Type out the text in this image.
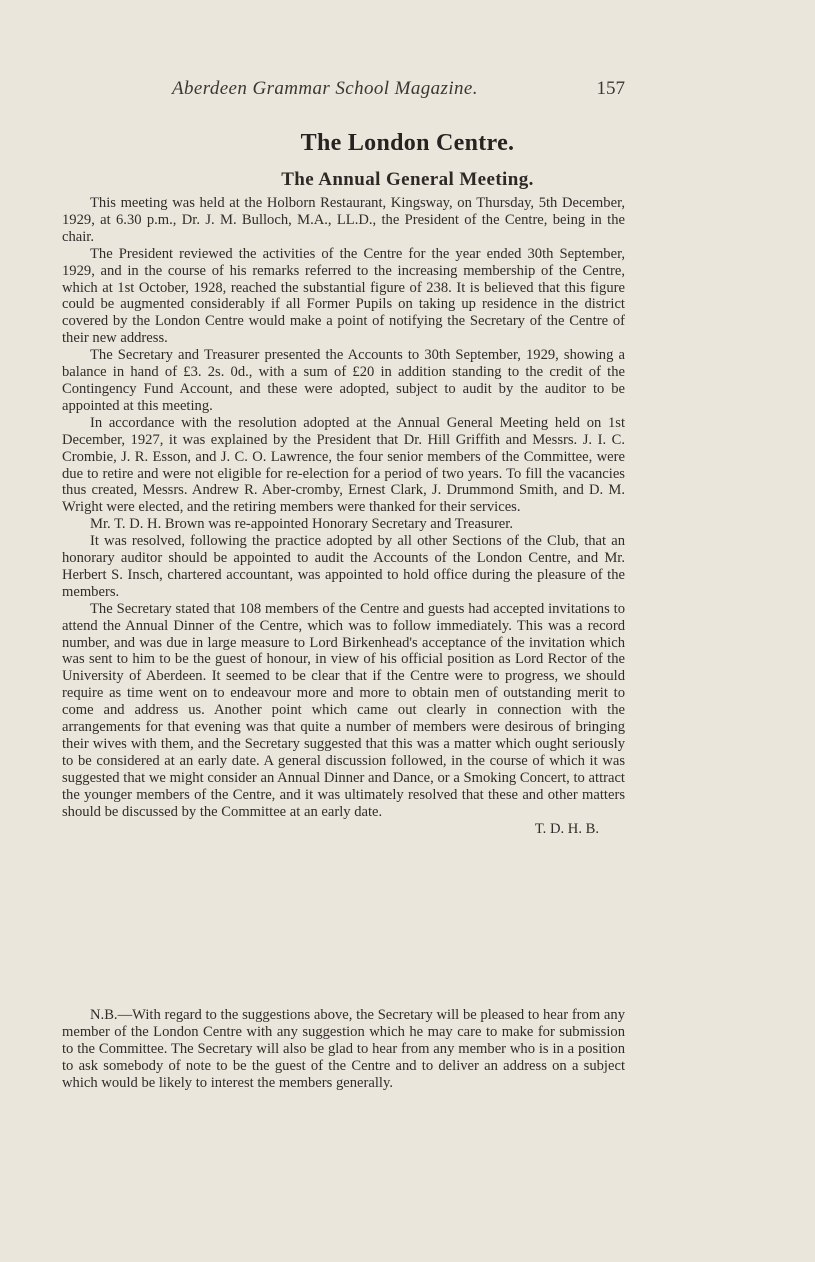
Aberdeen Grammar School Magazine.	157
The London Centre.
The Annual General Meeting.

This meeting was held at the Holborn Restaurant, Kingsway, on Thursday, 5th December, 1929, at 6.30 p.m., Dr. J. M. Bulloch, M.A., LL.D., the President of the Centre, being in the chair.

The President reviewed the activities of the Centre for the year ended 30th September, 1929, and in the course of his remarks referred to the increasing membership of the Centre, which at 1st October, 1928, reached the substantial figure of 238. It is believed that this figure could be augmented considerably if all Former Pupils on taking up residence in the district covered by the London Centre would make a point of notifying the Secretary of the Centre of their new address.

The Secretary and Treasurer presented the Accounts to 30th September, 1929, showing a balance in hand of £3. 2s. 0d., with a sum of £20 in addition standing to the credit of the Contingency Fund Account, and these were adopted, subject to audit by the auditor to be appointed at this meeting.

In accordance with the resolution adopted at the Annual General Meeting held on 1st December, 1927, it was explained by the President that Dr. Hill Griffith and Messrs. J. I. C. Crombie, J. R. Esson, and J. C. O. Lawrence, the four senior members of the Committee, were due to retire and were not eligible for re-election for a period of two years. To fill the vacancies thus created, Messrs. Andrew R. Aber-cromby, Ernest Clark, J. Drummond Smith, and D. M. Wright were elected, and the retiring members were thanked for their services.

Mr. T. D. H. Brown was re-appointed Honorary Secretary and Treasurer.

It was resolved, following the practice adopted by all other Sections of the Club, that an honorary auditor should be appointed to audit the Accounts of the London Centre, and Mr. Herbert S. Insch, chartered accountant, was appointed to hold office during the pleasure of the members.

The Secretary stated that 108 members of the Centre and guests had accepted invitations to attend the Annual Dinner of the Centre, which was to follow immediately. This was a record number, and was due in large measure to Lord Birkenhead's acceptance of the invitation which was sent to him to be the guest of honour, in view of his official position as Lord Rector of the University of Aberdeen. It seemed to be clear that if the Centre were to progress, we should require as time went on to endeavour more and more to obtain men of outstanding merit to come and address us. Another point which came out clearly in connection with the arrangements for that evening was that quite a number of members were desirous of bringing their wives with them, and the Secretary suggested that this was a matter which ought seriously to be considered at an early date. A general discussion followed, in the course of which it was suggested that we might consider an Annual Dinner and Dance, or a Smoking Concert, to attract the younger members of the Centre, and it was ultimately resolved that these and other matters should be discussed by the Committee at an early date.

T. D. H. B.

N.B.—With regard to the suggestions above, the Secretary will be pleased to hear from any member of the London Centre with any suggestion which he may care to make for submission to the Committee. The Secretary will also be glad to hear from any member who is in a position to ask somebody of note to be the guest of the Centre and to deliver an address on a subject which would be likely to interest the members generally.
